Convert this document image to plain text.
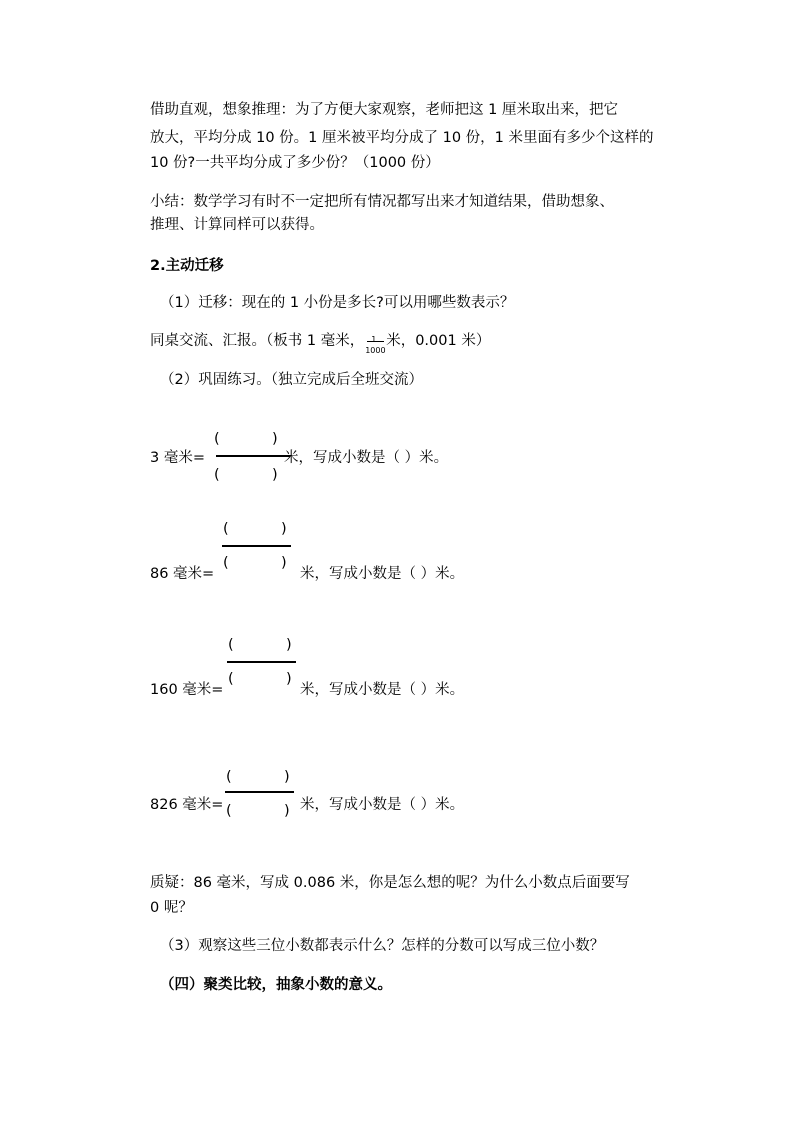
借助直观，想象推理：为了方便大家观察，老师把这 1 厘米取出来，把它
放大，平均分成 10 份。1 厘米被平均分成了 10 份，1 米里面有多少个这样的
10 份?一共平均分成了多少份？（1000 份）
小结：数学学习有时不一定把所有情况都写出来才知道结果，借助想象、
推理、计算同样可以获得。
2.主动迁移
（1）迁移：现在的 1 小份是多长?可以用哪些数表示？
同桌交流、汇报。（板书 1 毫米， 1
1000
米，0.001 米）
（2）巩固练习。（独立完成后全班交流）
3 毫米=
(	)
(	)
米，写成小数是（ ）米。
86 毫米=
(	)
(	)
米，写成小数是（ ）米。
160 毫米=
(	)
(	)
米，写成小数是（ ）米。
826 毫米=
(	)
(	) 米，写成小数是（ ）米。
质疑：86 毫米，写成 0.086 米，你是怎么想的呢？为什么小数点后面要写
0 呢？
（3）观察这些三位小数都表示什么？怎样的分数可以写成三位小数？
（四）聚类比较，抽象小数的意义。
